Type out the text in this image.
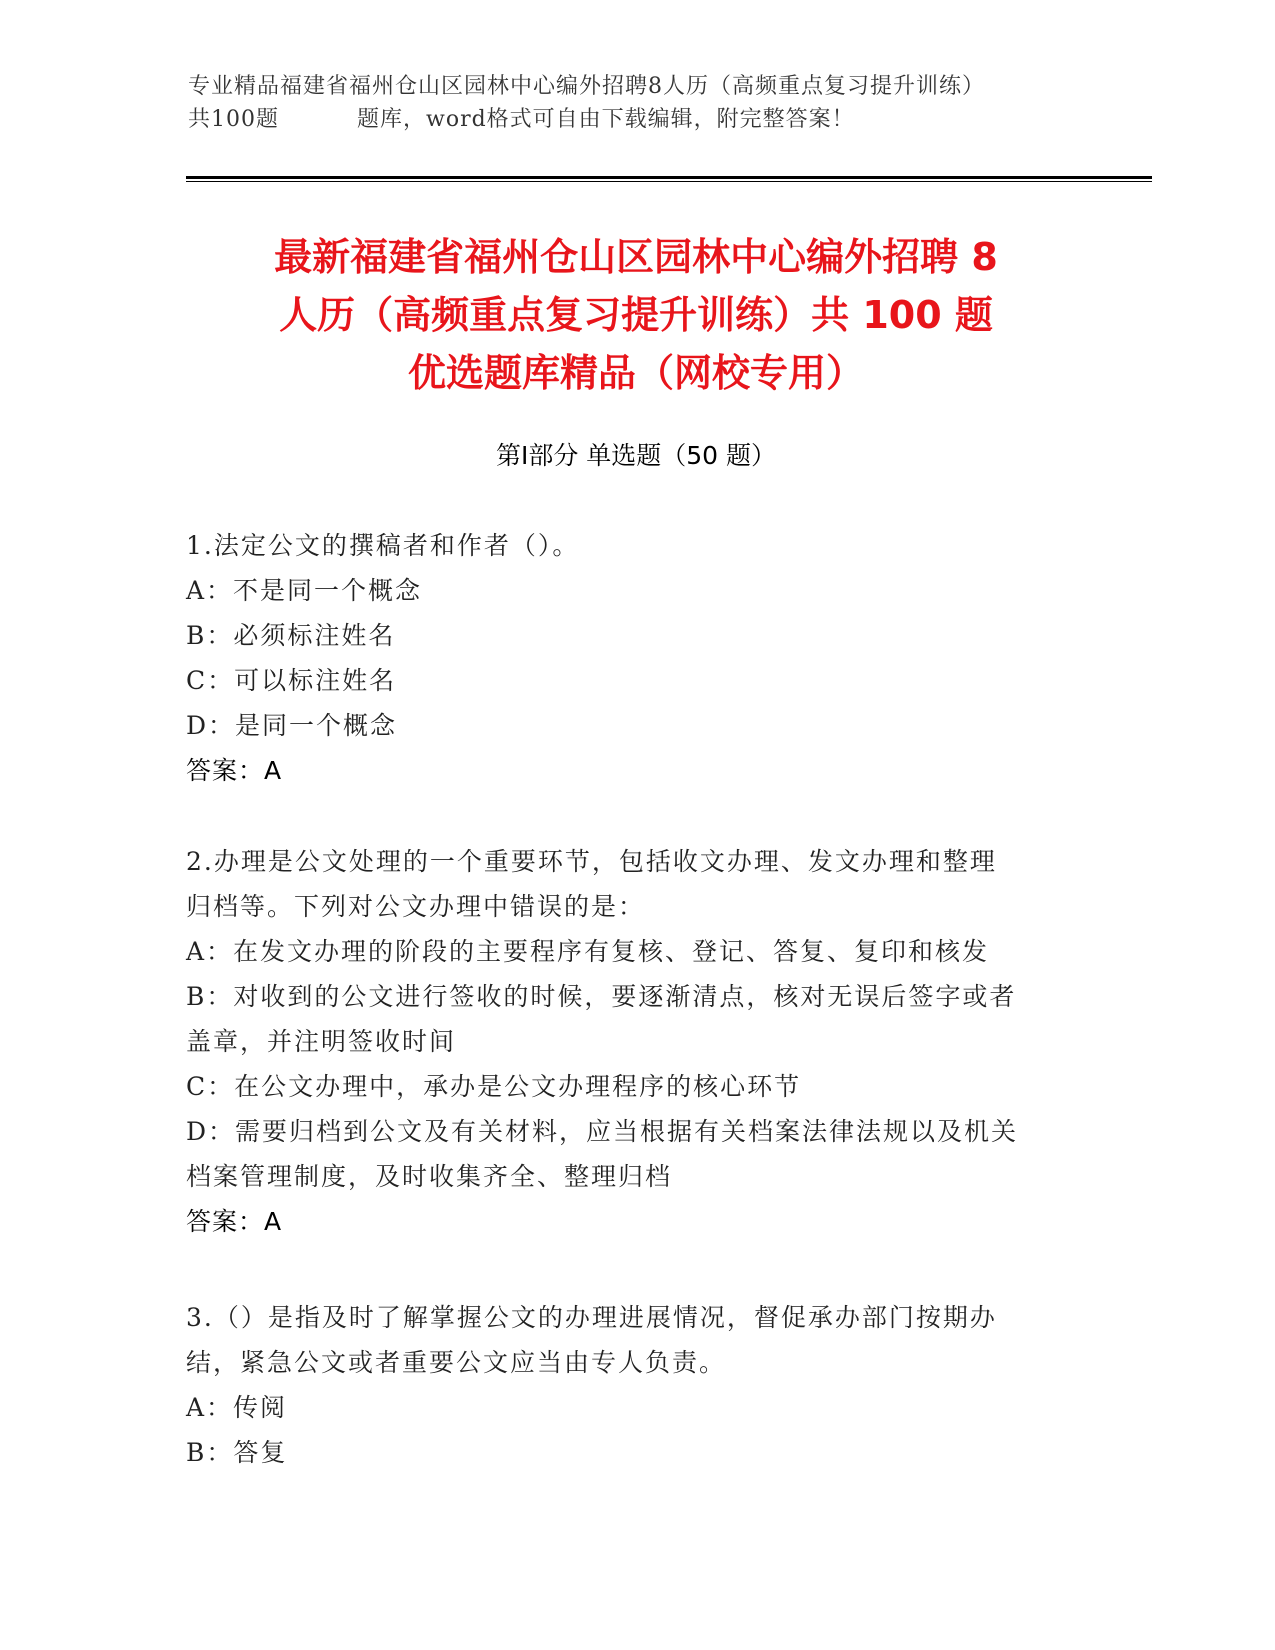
专业精品福建省福州仓山区园林中心编外招聘8人历（高频重点复习提升训练）
共100题	题库，word格式可自由下载编辑，附完整答案！
最新福建省福州仓山区园林中心编外招聘 8
人历（高频重点复习提升训练）共 100 题
优选题库精品（网校专用）
第Ⅰ部分 单选题（50 题）
1.法定公文的撰稿者和作者（）。
A：不是同一个概念
B：必须标注姓名
C：可以标注姓名
D：是同一个概念
答案：A
2.办理是公文处理的一个重要环节，包括收文办理、发文办理和整理
归档等。下列对公文办理中错误的是：
A：在发文办理的阶段的主要程序有复核、登记、答复、复印和核发
B：对收到的公文进行签收的时候，要逐渐清点，核对无误后签字或者
盖章，并注明签收时间
C：在公文办理中，承办是公文办理程序的核心环节
D：需要归档到公文及有关材料，应当根据有关档案法律法规以及机关
档案管理制度，及时收集齐全、整理归档
答案：A
3.（）是指及时了解掌握公文的办理进展情况，督促承办部门按期办
结，紧急公文或者重要公文应当由专人负责。
A：传阅
B：答复
